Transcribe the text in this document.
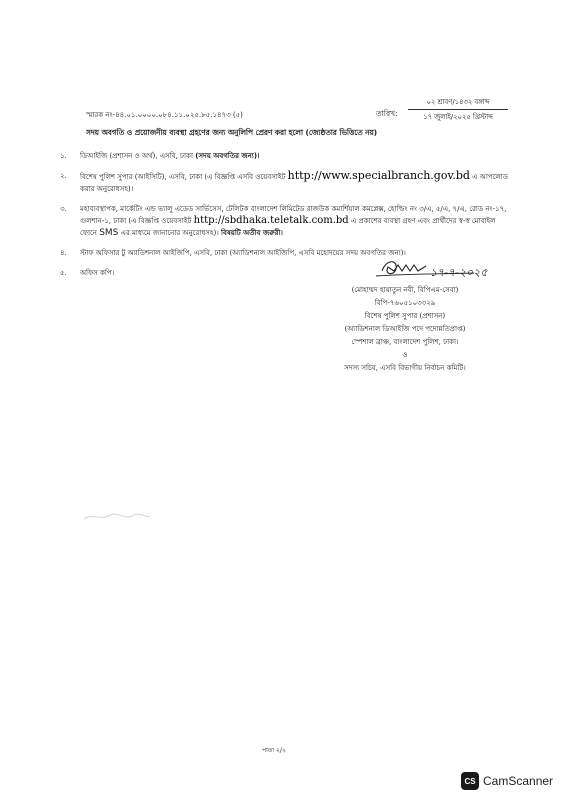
স্মারক নং-৪৪.০১.০০০০.০৮৪.১১.০২৫.৮৫.১৪৭৩ (৫)	তারিখ:
০২ শ্রাবণ/১৪৩২ বঙ্গাব্দ
১৭ জুলাই/২০২৫ খ্রিস্টাব্দ
সদয় অবগতি ও প্রয়োজনীয় ব্যবস্থা গ্রহণের জন্য অনুলিপি প্রেরণ করা হলো (জ্যেষ্ঠতার ভিত্তিতে নয়)
১. ডিআইজি (প্রশাসন ও অর্থ), এসবি, ঢাকা (সদয় অবগতির জন্য)।
২. বিশেষ পুলিশ সুপার (আইসিটি), এসবি, ঢাকা (এ বিজ্ঞপ্তি এসবি ওয়েবসাইট http://www.specialbranch.gov.bd এ আপলোড করার অনুরোধসহ)।
৩. মহাব্যবস্থাপক, মার্কেটিং এন্ড ভ্যালু এডেড সার্ভিসেস, টেলিটক বাংলাদেশ লিমিটেড রাজউক কমার্শিয়াল কমপ্লেক্স, হোল্ডিং নং ৩/এ, ৫/এ, ৭/এ, রোড নং-১৭, গুলশান-১, ঢাকা (এ বিজ্ঞপ্তি ওয়েবসাইট http://sbdhaka.teletalk.com.bd এ প্রকাশের ব্যবস্থা গ্রহণ এবং প্রার্থীদের স্ব-স্ব মোবাইল ফোনে SMS এর মাধ্যমে জানানোর অনুরোধসহ)। বিষয়টি অতীব জরুরী।
৪. স্টাফ অফিসার টু অ্যাডিশনাল আইজিপি, এসবি, ঢাকা (অ্যাডিশনাল আইজিপি, এসবি মহোদয়ের সদয় অবগতির জন্য)।
৫. অফিস কপি।	১৭-৭-২০২৫
(মোহাম্মদ হায়াতুন নবী, বিপিএম-সেবা)
বিপি-৭৬০৫১০৩৩২৯
বিশেষ পুলিশ সুপার (প্রশাসন)
(অ্যাডিশনাল ডিআইজি পদে পদোন্নতিপ্রাপ্ত)
স্পেশাল ব্রাঞ্চ, বাংলাদেশ পুলিশ, ঢাকা।
ও
সদস্য সচিব, এসবি বিভাগীয় নির্বাচন কমিটি।
পাতা ২/২
CS CamScanner
